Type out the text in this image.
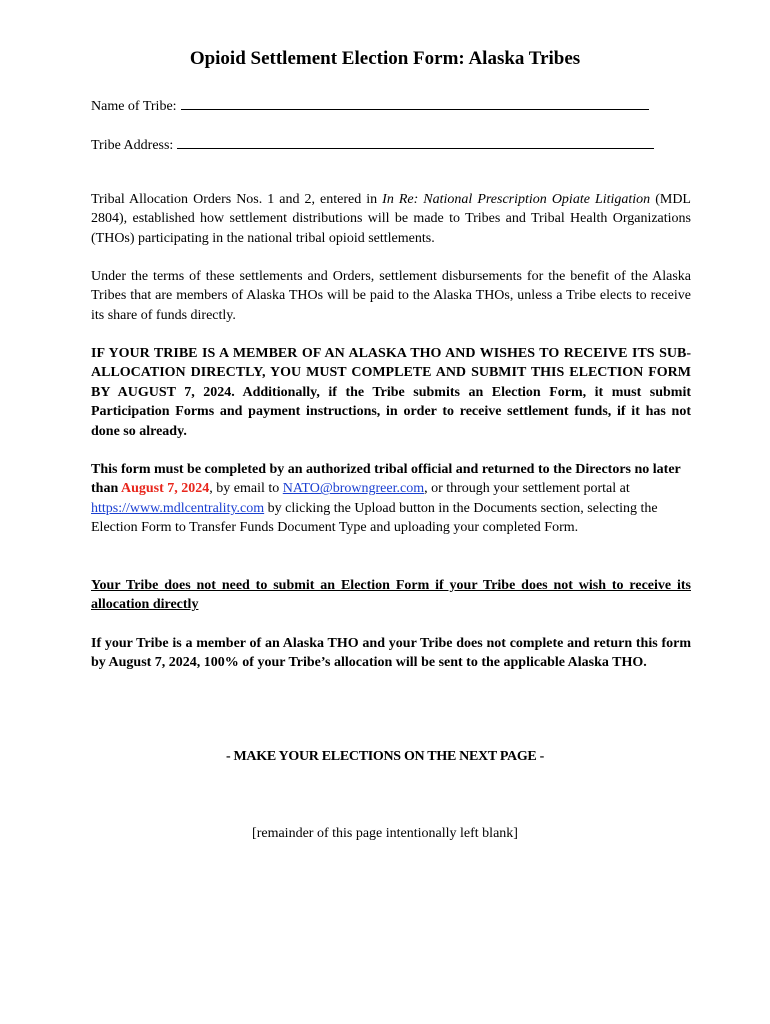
Opioid Settlement Election Form: Alaska Tribes
Name of Tribe:
Tribe Address:
Tribal Allocation Orders Nos. 1 and 2, entered in In Re: National Prescription Opiate Litigation (MDL 2804), established how settlement distributions will be made to Tribes and Tribal Health Organizations (THOs) participating in the national tribal opioid settlements.
Under the terms of these settlements and Orders, settlement disbursements for the benefit of the Alaska Tribes that are members of Alaska THOs will be paid to the Alaska THOs, unless a Tribe elects to receive its share of funds directly.
IF YOUR TRIBE IS A MEMBER OF AN ALASKA THO AND WISHES TO RECEIVE ITS SUB-ALLOCATION DIRECTLY, YOU MUST COMPLETE AND SUBMIT THIS ELECTION FORM BY AUGUST 7, 2024. Additionally, if the Tribe submits an Election Form, it must submit Participation Forms and payment instructions, in order to receive settlement funds, if it has not done so already.
This form must be completed by an authorized tribal official and returned to the Directors no later than August 7, 2024, by email to NATO@browngreer.com, or through your settlement portal at https://www.mdlcentrality.com by clicking the Upload button in the Documents section, selecting the Election Form to Transfer Funds Document Type and uploading your completed Form.
Your Tribe does not need to submit an Election Form if your Tribe does not wish to receive its allocation directly
If your Tribe is a member of an Alaska THO and your Tribe does not complete and return this form by August 7, 2024, 100% of your Tribe’s allocation will be sent to the applicable Alaska THO.
- MAKE YOUR ELECTIONS ON THE NEXT PAGE -
[remainder of this page intentionally left blank]
